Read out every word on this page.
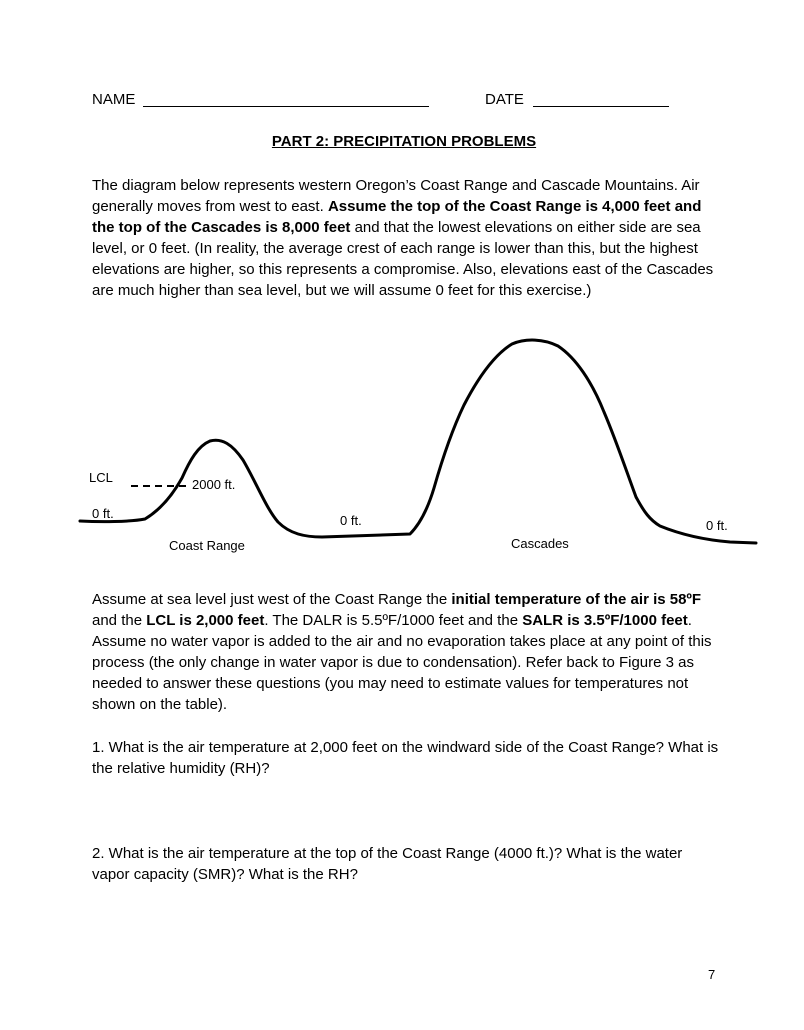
NAME	DATE
PART 2: PRECIPITATION PROBLEMS
The diagram below represents western Oregon’s Coast Range and Cascade Mountains. Air generally moves from west to east. Assume the top of the Coast Range is 4,000 feet and the top of the Cascades is 8,000 feet and that the lowest elevations on either side are sea level, or 0 feet. (In reality, the average crest of each range is lower than this, but the highest elevations are higher, so this represents a compromise. Also, elevations east of the Cascades are much higher than sea level, but we will assume 0 feet for this exercise.)
LCL	2000 ft.
0 ft.	0 ft.	0 ft.
Coast Range	Cascades
Assume at sea level just west of the Coast Range the initial temperature of the air is 58ºF and the LCL is 2,000 feet. The DALR is 5.5ºF/1000 feet and the SALR is 3.5ºF/1000 feet. Assume no water vapor is added to the air and no evaporation takes place at any point of this process (the only change in water vapor is due to condensation). Refer back to Figure 3 as needed to answer these questions (you may need to estimate values for temperatures not shown on the table).
1. What is the air temperature at 2,000 feet on the windward side of the Coast Range? What is the relative humidity (RH)?
2. What is the air temperature at the top of the Coast Range (4000 ft.)? What is the water vapor capacity (SMR)? What is the RH?
7
